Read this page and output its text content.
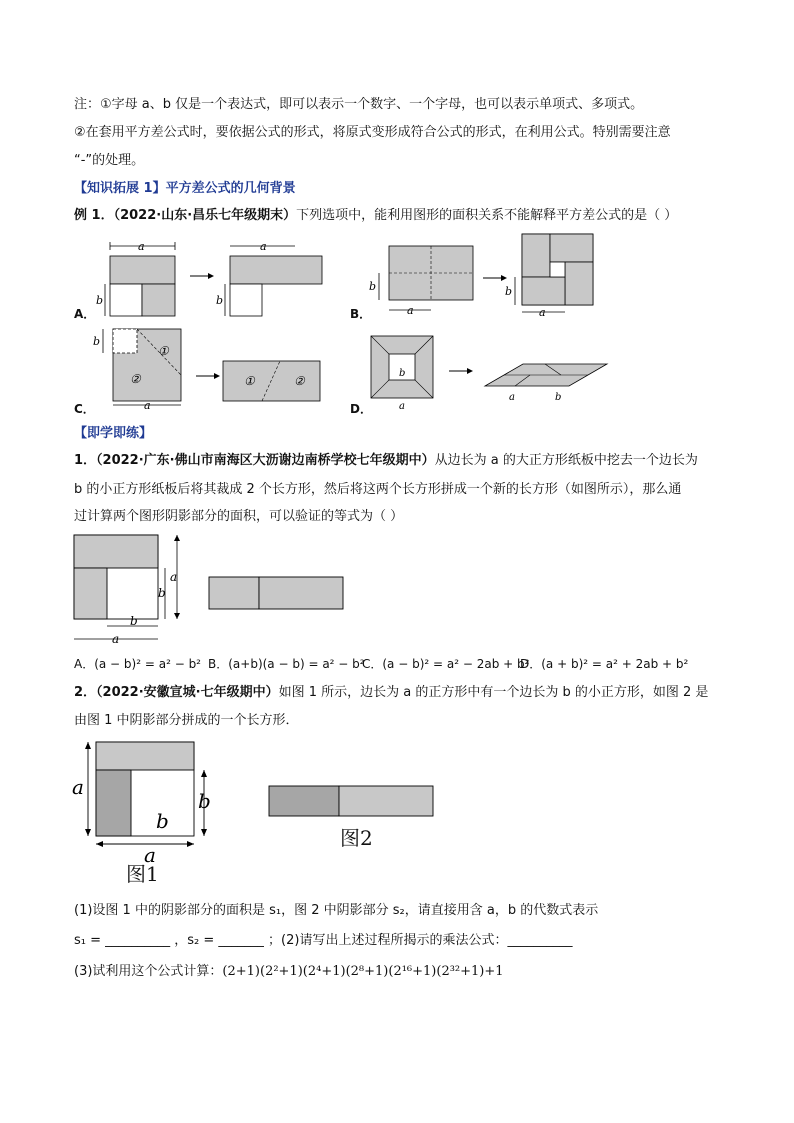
注：①字母 a、b 仅是一个表达式，即可以表示一个数字、一个字母，也可以表示单项式、多项式。
②在套用平方差公式时，要依据公式的形式，将原式变形成符合公式的形式，在利用公式。特别需要注意
“-”的处理。
【知识拓展 1】平方差公式的几何背景
例 1．（2022·山东·昌乐七年级期末）下列选项中，能利用图形的面积关系不能解释平方差公式的是（ ）
A．
a
b
a
b
B．
b
a
b
a
C．
b
①
②
a
①	②
D．
b
a
a	b
【即学即练】
1．（2022·广东·佛山市南海区大沥谢边南桥学校七年级期中）从边长为 a 的大正方形纸板中挖去一个边长为
b 的小正方形纸板后将其裁成 2 个长方形，然后将这两个长方形拼成一个新的长方形（如图所示），那么通
过计算两个图形阴影部分的面积，可以验证的等式为（ ）
a
b
b
a
A．(a − b)² = a² − b² B．(a+b)(a − b) = a² − b²
C．(a − b)² = a² − 2ab + b²
D．(a + b)² = a² + 2ab + b²
2．（2022·安徽宣城·七年级期中）如图 1 所示，边长为 a 的正方形中有一个边长为 b 的小正方形，如图 2 是
由图 1 中阴影部分拼成的一个长方形．
a
b
b
a
图1
图2
(1)设图 1 中的阴影部分的面积是 s₁，图 2 中阴影部分 s₂，请直接用含 a，b 的代数式表示
s₁ = __________ ，s₂ = _______ ；(2)请写出上述过程所揭示的乘法公式：__________
(3)试利用这个公式计算：(2+1)(2²+1)(2⁴+1)(2⁸+1)(2¹⁶+1)(2³²+1)+1
